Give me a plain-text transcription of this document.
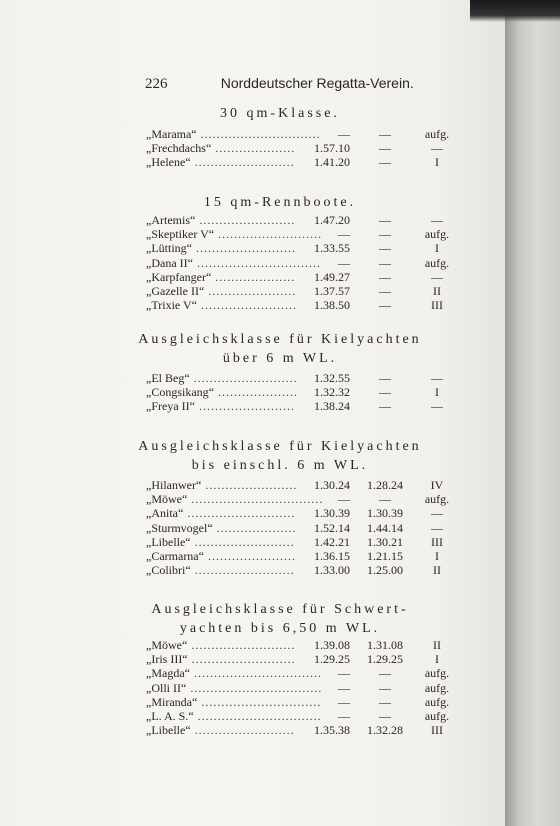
226	Norddeutscher Regatta-Verein.
30 qm-Klasse.
„Marama“	—	—	aufg.
..............................
„Frechdachs“	1.57.10	—	—
....................
„Helene“	1.41.20	—	I
.........................
15 qm-Rennboote.
„Artemis“	1.47.20	—	—
........................
„Skeptiker V“	—	—	aufg.
..........................
„Lütting“	1.33.55	—	I
.........................
„Dana II“	—	—	aufg.
...............................
„Karpfanger“	1.49.27	—	—
....................
„Gazelle II“	1.37.57	—	II
......................
„Trixie V“	1.38.50	—	III
........................
Ausgleichsklasse für Kielyachten
über 6 m WL.
„El Beg“	1.32.55	—	—
..........................
„Congsikang“	1.32.32	—	I
....................
„Freya II“	1.38.24	—	—
........................
Ausgleichsklasse für Kielyachten
bis einschl. 6 m WL.
„Hilanwer“	1.30.24	1.28.24	IV
.......................
„Möwe“	—	—	aufg.
.................................
„Anita“	1.30.39	1.30.39	—
...........................
„Sturmvogel“	1.52.14	1.44.14	—
....................
„Libelle“	1.42.21	1.30.21	III
.........................
„Carmarna“	1.36.15	1.21.15	I
......................
„Colibri“	1.33.00	1.25.00	II
.........................
Ausgleichsklasse für Schwert-
yachten bis 6,50 m WL.
„Möwe“	1.39.08	1.31.08	II
..........................
„Iris III“	1.29.25	1.29.25	I
..........................
„Magda“	—	—	aufg.
................................
„Olli II“	—	—	aufg.
.................................
„Miranda“	—	—	aufg.
..............................
„L. A. S.“	—	—	aufg.
...............................
„Libelle“	1.35.38	1.32.28	III
.........................
